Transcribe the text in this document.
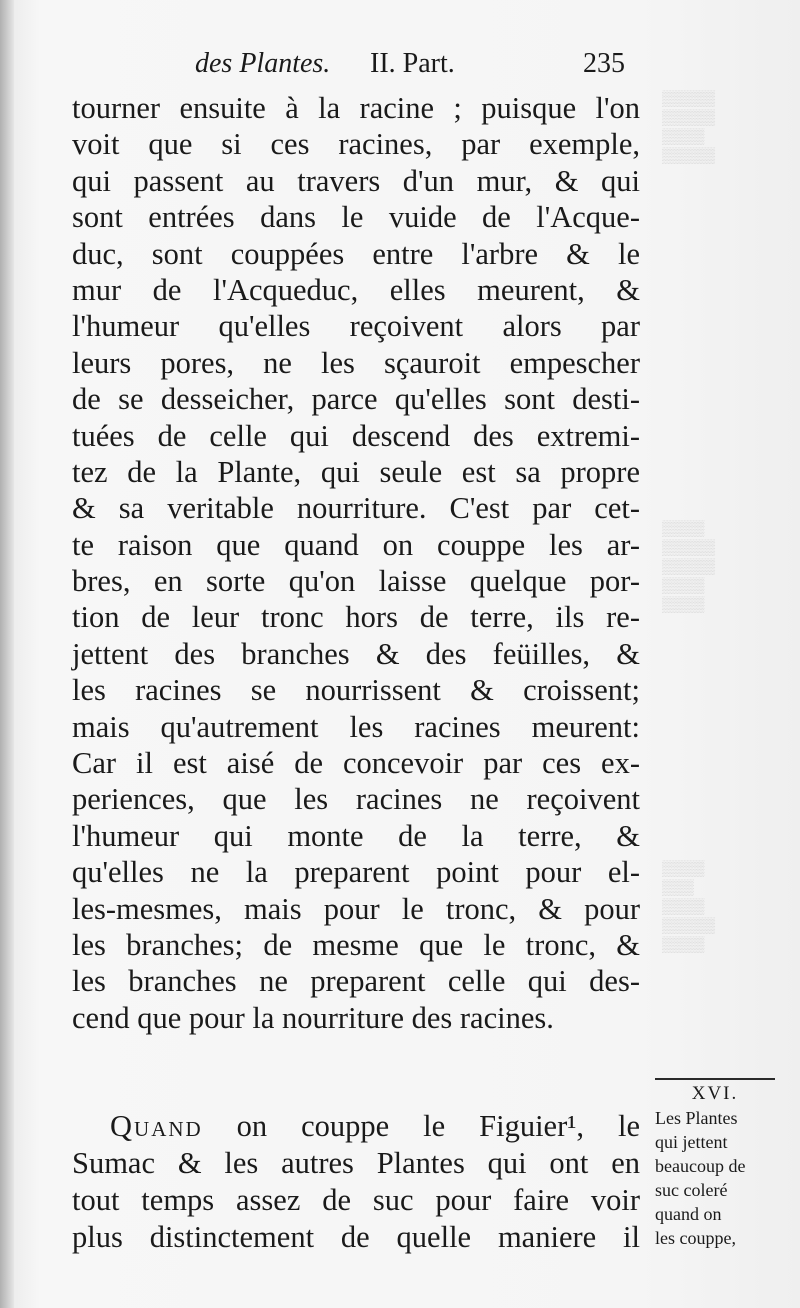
▒▒▒▒▒
▒▒▒▒▒
▒▒▒▒
▒▒▒▒▒
▒▒▒▒
▒▒▒▒▒
▒▒▒▒▒
▒▒▒▒
▒▒▒▒
▒▒▒▒
▒▒▒
▒▒▒▒
▒▒▒▒▒
▒▒▒▒
des Plantes. II. Part.	235
tourner ensuite à la racine ; puisque l'on
voit que si ces racines, par exemple,
qui passent au travers d'un mur, & qui
sont entrées dans le vuide de l'Acque-
duc, sont couppées entre l'arbre & le
mur de l'Acqueduc, elles meurent, &
l'humeur qu'elles reçoivent alors par
leurs pores, ne les sçauroit empescher
de se desseicher, parce qu'elles sont desti-
tuées de celle qui descend des extremi-
tez de la Plante, qui seule est sa propre
& sa veritable nourriture. C'est par cet-
te raison que quand on couppe les ar-
bres, en sorte qu'on laisse quelque por-
tion de leur tronc hors de terre, ils re-
jettent des branches & des feüilles, &
les racines se nourrissent & croissent;
mais qu'autrement les racines meurent:
Car il est aisé de concevoir par ces ex-
periences, que les racines ne reçoivent
l'humeur qui monte de la terre, &
qu'elles ne la preparent point pour el-
les-mesmes, mais pour le tronc, & pour
les branches; de mesme que le tronc, &
les branches ne preparent celle qui des-
cend que pour la nourriture des racines.
Quand on couppe le Figuier¹, le
Sumac & les autres Plantes qui ont en
tout temps assez de suc pour faire voir
plus distinctement de quelle maniere il
XVI.
Les Plantes
qui jettent
beaucoup de
suc coleré
quand on
les couppe,
